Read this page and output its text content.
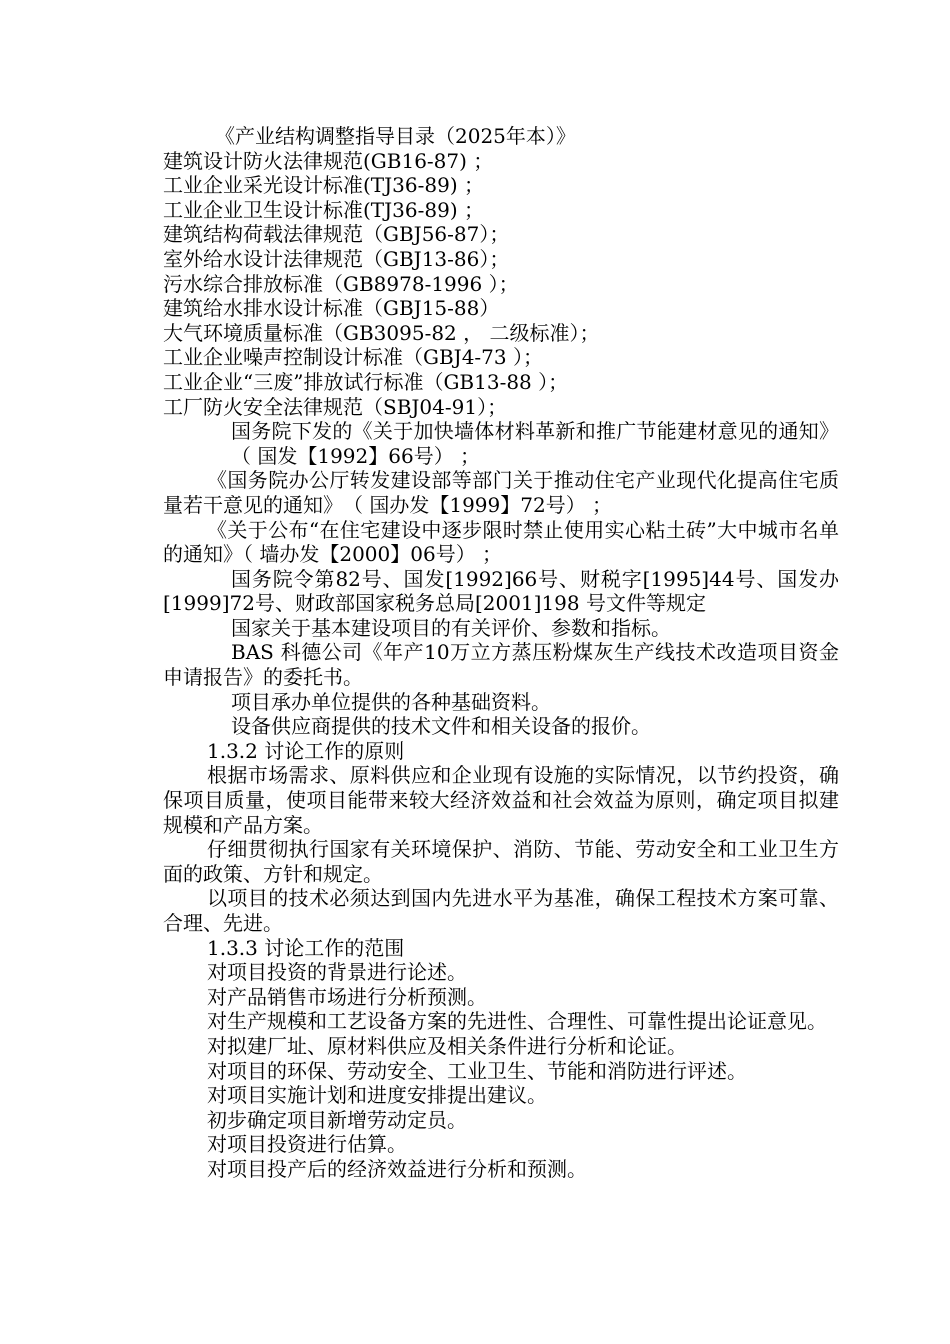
《产业结构调整指导目录（2025年本）》

建筑设计防火法律规范(GB16-87) ；

工业企业采光设计标准(TJ36-89) ；

工业企业卫生设计标准(TJ36-89) ；

建筑结构荷载法律规范（GBJ56-87）；

室外给水设计法律规范（GBJ13-86）；

污水综合排放标准（GB8978-1996 ）；

建筑给水排水设计标准（GBJ15-88）

大气环境质量标准（GB3095-82 ， 二级标准）；

工业企业噪声控制设计标准（GBJ4-73 ）；

工业企业“三废”排放试行标准（GB13-88 ）；

工厂防火安全法律规范（SBJ04-91）；

国务院下发的《关于加快墙体材料革新和推广节能建材意见的通知》（ 国发【1992】66号） ；

《国务院办公厅转发建设部等部门关于推动住宅产业现代化提高住宅质量若干意见的通知》　（ 国办发【1999】72号） ；

《关于公布“在住宅建设中逐步限时禁止使用实心粘土砖”大中城市名单的通知》（ 墙办发【2000】06号） ；

国务院令第82号、国发[1992]66号、财税字[1995]44号、国发办[1999]72号、财政部国家税务总局[2001]198 号文件等规定

国家关于基本建设项目的有关评价、参数和指标。

BAS 科德公司《年产10万立方蒸压粉煤灰生产线技术改造项目资金申请报告》的委托书。

项目承办单位提供的各种基础资料。

设备供应商提供的技术文件和相关设备的报价。

1.3.2 讨论工作的原则

根据市场需求、原料供应和企业现有设施的实际情况，以节约投资，确保项目质量，使项目能带来较大经济效益和社会效益为原则，确定项目拟建规模和产品方案。

仔细贯彻执行国家有关环境保护、消防、节能、劳动安全和工业卫生方面的政策、方针和规定。

以项目的技术必须达到国内先进水平为基准，确保工程技术方案可靠、合理、先进。

1.3.3 讨论工作的范围

对项目投资的背景进行论述。

对产品销售市场进行分析预测。

对生产规模和工艺设备方案的先进性、合理性、可靠性提出论证意见。

对拟建厂址、原材料供应及相关条件进行分析和论证。

对项目的环保、劳动安全、工业卫生、节能和消防进行评述。

对项目实施计划和进度安排提出建议。

初步确定项目新增劳动定员。

对项目投资进行估算。

对项目投产后的经济效益进行分析和预测。
